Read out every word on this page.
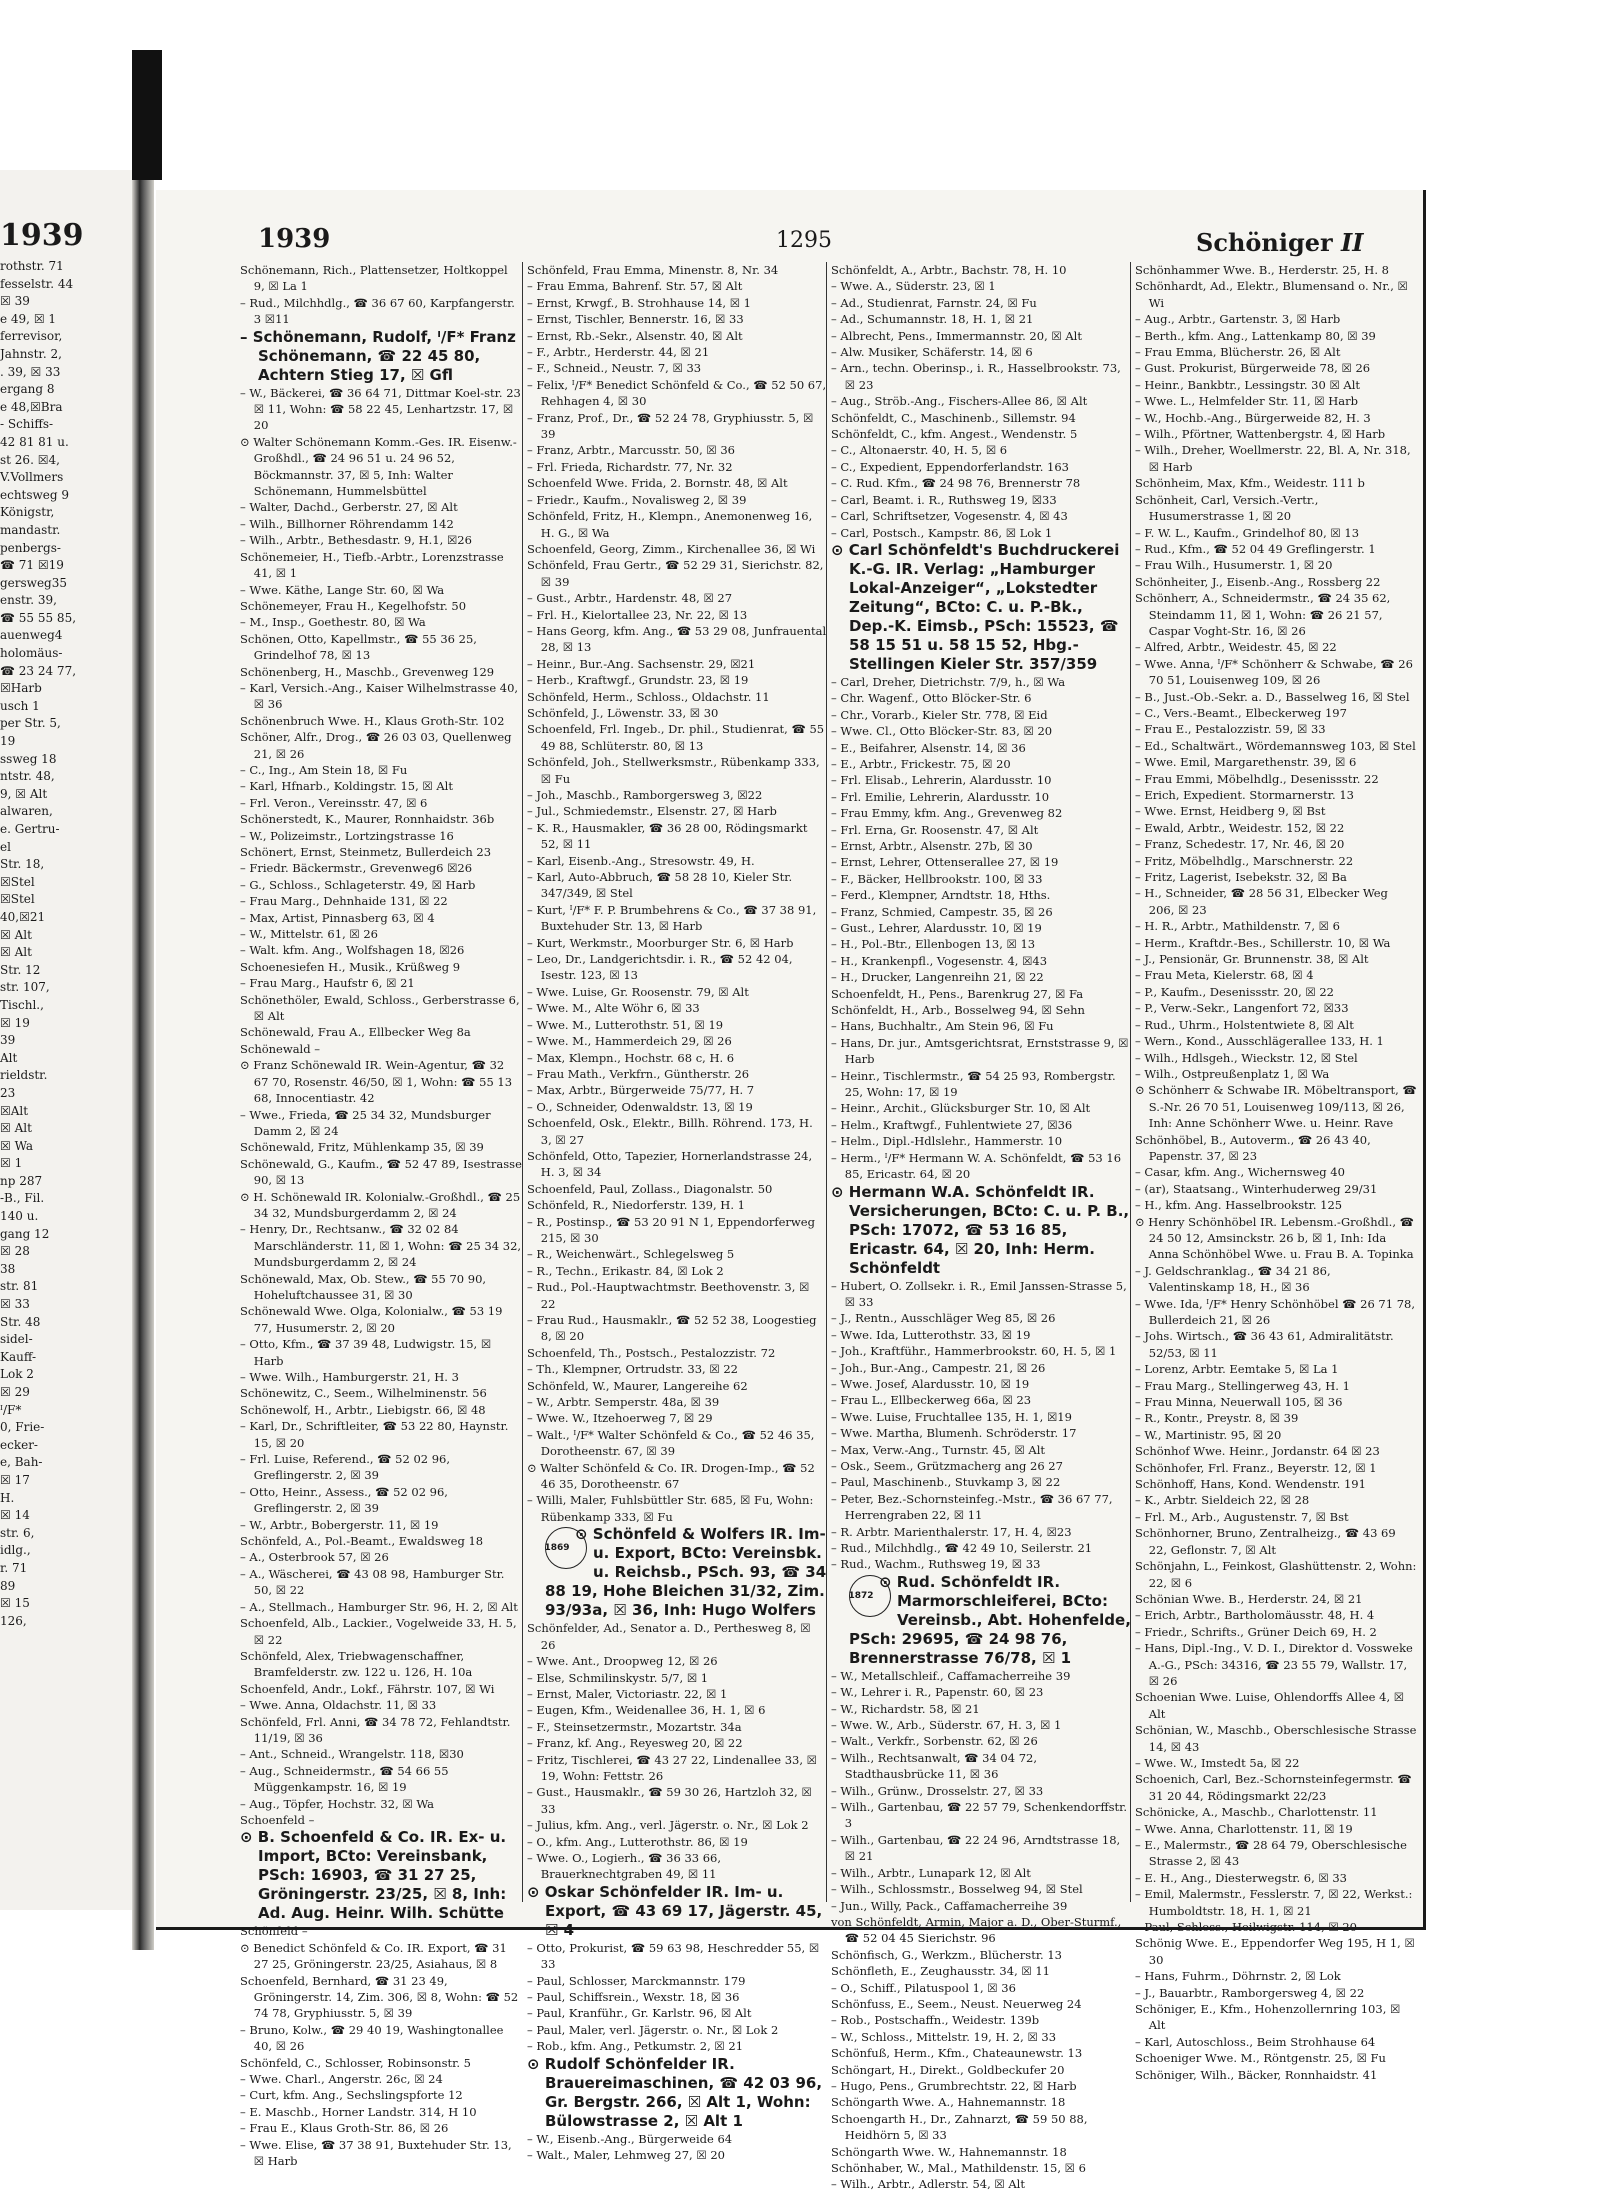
1939
rothstr. 71
fesselstr. 44
☒ 39
e 49, ☒ 1
ferrevisor,
Jahnstr. 2,
. 39, ☒ 33
ergang 8
e 48,☒Bra
- Schiffs-
42 81 81 u.
st 26. ☒4,
V.Vollmers
echtsweg 9
Königstr,
mandastr.
penbergs-
☎ 71 ☒19
gersweg35
enstr. 39,
☎ 55 55 85,
auenweg4
holomäus-
☎ 23 24 77,
☒Harb
usch 1
per Str. 5,
19
ssweg 18
ntstr. 48,
9, ☒ Alt
alwaren,
e. Gertru-
el
Str. 18,
☒Stel
☒Stel
40,☒21
☒ Alt
☒ Alt
Str. 12
str. 107,
Tischl.,
☒ 19
39
Alt
rieldstr.
23
☒Alt
☒ Alt
☒ Wa
☒ 1
np 287
-B., Fil.
140 u.
gang 12
☒ 28
38
str. 81
☒ 33
Str. 48
sidel-
Kauff-
Lok 2
☒ 29
ᴵ/F*
0, Frie-
ecker-
e, Bah-
☒ 17
H.
☒ 14
str. 6,
idlg.,
r. 71
89
☒ 15
126,
1939	1295	Schöniger II
Schönemann, Rich., Plattensetzer, Holtkoppel 9, ☒ La 1
– Rud., Milchhdlg., ☎ 36 67 60, Karpfangerstr. 3 ☒11
– Schönemann, Rudolf, ᴵ/F* Franz Schönemann, ☎ 22 45 80, Achtern Stieg 17, ☒ Gfl
– W., Bäckerei, ☎ 36 64 71, Dittmar Koel-str. 23 ☒ 11, Wohn: ☎ 58 22 45, Lenhartzstr. 17, ☒ 20
⊙ Walter Schönemann Komm.-Ges. IR. Eisenw.-Großhdl., ☎ 24 96 51 u. 24 96 52, Böckmannstr. 37, ☒ 5, Inh: Walter Schönemann, Hummelsbüttel
– Walter, Dachd., Gerberstr. 27, ☒ Alt
– Wilh., Billhorner Röhrendamm 142
– Wilh., Arbtr., Bethesdastr. 9, H.1, ☒26
Schönemeier, H., Tiefb.-Arbtr., Lorenzstrasse 41, ☒ 1
– Wwe. Käthe, Lange Str. 60, ☒ Wa
Schönemeyer, Frau H., Kegelhofstr. 50
– M., Insp., Goethestr. 80, ☒ Wa
Schönen, Otto, Kapellmstr., ☎ 55 36 25, Grindelhof 78, ☒ 13
Schönenberg, H., Maschb., Grevenweg 129
– Karl, Versich.-Ang., Kaiser Wilhelmstrasse 40, ☒ 36
Schönenbruch Wwe. H., Klaus Groth-Str. 102
Schöner, Alfr., Drog., ☎ 26 03 03, Quellenweg 21, ☒ 26
– C., Ing., Am Stein 18, ☒ Fu
– Karl, Hfnarb., Koldingstr. 15, ☒ Alt
– Frl. Veron., Vereinsstr. 47, ☒ 6
Schönerstedt, K., Maurer, Ronnhaidstr. 36b
– W., Polizeimstr., Lortzingstrasse 16
Schönert, Ernst, Steinmetz, Bullerdeich 23
– Friedr. Bäckermstr., Grevenweg6 ☒26
– G., Schloss., Schlageterstr. 49, ☒ Harb
– Frau Marg., Dehnhaide 131, ☒ 22
– Max, Artist, Pinnasberg 63, ☒ 4
– W., Mittelstr. 61, ☒ 26
– Walt. kfm. Ang., Wolfshagen 18, ☒26
Schoenesiefen H., Musik., Krüßweg 9
– Frau Marg., Haufstr 6, ☒ 21
Schönethöler, Ewald, Schloss., Gerberstrasse 6, ☒ Alt
Schönewald, Frau A., Ellbecker Weg 8a
Schönewald –
⊙ Franz Schönewald IR. Wein-Agentur, ☎ 32 67 70, Rosenstr. 46/50, ☒ 1, Wohn: ☎ 55 13 68, Innocentiastr. 42
– Wwe., Frieda, ☎ 25 34 32, Mundsburger Damm 2, ☒ 24
Schönewald, Fritz, Mühlenkamp 35, ☒ 39
Schönewald, G., Kaufm., ☎ 52 47 89, Isestrasse 90, ☒ 13
⊙ H. Schönewald IR. Kolonialw.-Großhdl., ☎ 25 34 32, Mundsburgerdamm 2, ☒ 24
– Henry, Dr., Rechtsanw., ☎ 32 02 84 Marschländerstr. 11, ☒ 1, Wohn: ☎ 25 34 32, Mundsburgerdamm 2, ☒ 24
Schönewald, Max, Ob. Stew., ☎ 55 70 90, Hoheluftchaussee 31, ☒ 30
Schönewald Wwe. Olga, Kolonialw., ☎ 53 19 77, Husumerstr. 2, ☒ 20
– Otto, Kfm., ☎ 37 39 48, Ludwigstr. 15, ☒ Harb
– Wwe. Wilh., Hamburgerstr. 21, H. 3
Schönewitz, C., Seem., Wilhelminenstr. 56
Schönewolf, H., Arbtr., Liebigstr. 66, ☒ 48
– Karl, Dr., Schriftleiter, ☎ 53 22 80, Haynstr. 15, ☒ 20
– Frl. Luise, Referend., ☎ 52 02 96, Greflingerstr. 2, ☒ 39
– Otto, Heinr., Assess., ☎ 52 02 96, Greflingerstr. 2, ☒ 39
– W., Arbtr., Bobergerstr. 11, ☒ 19
Schönfeld, A., Pol.-Beamt., Ewaldsweg 18
– A., Osterbrook 57, ☒ 26
– A., Wäscherei, ☎ 43 08 98, Hamburger Str. 50, ☒ 22
– A., Stellmach., Hamburger Str. 96, H. 2, ☒ Alt
Schoenfeld, Alb., Lackier., Vogelweide 33, H. 5, ☒ 22
Schönfeld, Alex, Triebwagenschaffner, Bramfelderstr. zw. 122 u. 126, H. 10a
Schoenfeld, Andr., Lokf., Fährstr. 107, ☒ Wi
– Wwe. Anna, Oldachstr. 11, ☒ 33
Schönfeld, Frl. Anni, ☎ 34 78 72, Fehlandtstr. 11/19, ☒ 36
– Ant., Schneid., Wrangelstr. 118, ☒30
– Aug., Schneidermstr., ☎ 54 66 55 Müggenkampstr. 16, ☒ 19
– Aug., Töpfer, Hochstr. 32, ☒ Wa
Schoenfeld –
⊙ B. Schoenfeld & Co. IR. Ex- u. Import, BCto: Vereinsbank, PSch: 16903, ☎ 31 27 25, Gröningerstr. 23/25, ☒ 8, Inh: Ad. Aug. Heinr. Wilh. Schütte
Schönfeld –
⊙ Benedict Schönfeld & Co. IR. Export, ☎ 31 27 25, Gröningerstr. 23/25, Asiahaus, ☒ 8
Schoenfeld, Bernhard, ☎ 31 23 49, Gröningerstr. 14, Zim. 306, ☒ 8, Wohn: ☎ 52 74 78, Gryphiusstr. 5, ☒ 39
– Bruno, Kolw., ☎ 29 40 19, Washingtonallee 40, ☒ 26
Schönfeld, C., Schlosser, Robinsonstr. 5
– Wwe. Charl., Angerstr. 26c, ☒ 24
– Curt, kfm. Ang., Sechslingspforte 12
– E. Maschb., Horner Landstr. 314, H 10
– Frau E., Klaus Groth-Str. 86, ☒ 26
– Wwe. Elise, ☎ 37 38 91, Buxtehuder Str. 13, ☒ Harb
Schönfeld, Frau Emma, Minenstr. 8, Nr. 34
– Frau Emma, Bahrenf. Str. 57, ☒ Alt
– Ernst, Krwgf., B. Strohhause 14, ☒ 1
– Ernst, Tischler, Bennerstr. 16, ☒ 33
– Ernst, Rb.-Sekr., Alsenstr. 40, ☒ Alt
– F., Arbtr., Herderstr. 44, ☒ 21
– F., Schneid., Neustr. 7, ☒ 33
– Felix, ᴵ/F* Benedict Schönfeld & Co., ☎ 52 50 67, Rehhagen 4, ☒ 30
– Franz, Prof., Dr., ☎ 52 24 78, Gryphiusstr. 5, ☒ 39
– Franz, Arbtr., Marcusstr. 50, ☒ 36
– Frl. Frieda, Richardstr. 77, Nr. 32
Schoenfeld Wwe. Frida, 2. Bornstr. 48, ☒ Alt
– Friedr., Kaufm., Novalisweg 2, ☒ 39
Schönfeld, Fritz, H., Klempn., Anemonenweg 16, H. G., ☒ Wa
Schoenfeld, Georg, Zimm., Kirchenallee 36, ☒ Wi
Schönfeld, Frau Gertr., ☎ 52 29 31, Sierichstr. 82, ☒ 39
– Gust., Arbtr., Hardenstr. 48, ☒ 27
– Frl. H., Kielortallee 23, Nr. 22, ☒ 13
– Hans Georg, kfm. Ang., ☎ 53 29 08, Junfrauental 28, ☒ 13
– Heinr., Bur.-Ang. Sachsenstr. 29, ☒21
– Herb., Kraftwgf., Grundstr. 23, ☒ 19
Schönfeld, Herm., Schloss., Oldachstr. 11
Schönfeld, J., Löwenstr. 33, ☒ 30
Schoenfeld, Frl. Ingeb., Dr. phil., Studienrat, ☎ 55 49 88, Schlüterstr. 80, ☒ 13
Schönfeld, Joh., Stellwerksmstr., Rübenkamp 333, ☒ Fu
– Joh., Maschb., Ramborgersweg 3, ☒22
– Jul., Schmiedemstr., Elsenstr. 27, ☒ Harb
– K. R., Hausmakler, ☎ 36 28 00, Rödingsmarkt 52, ☒ 11
– Karl, Eisenb.-Ang., Stresowstr. 49, H.
– Karl, Auto-Abbruch, ☎ 58 28 10, Kieler Str. 347/349, ☒ Stel
– Kurt, ᴵ/F* F. P. Brumbehrens & Co., ☎ 37 38 91, Buxtehuder Str. 13, ☒ Harb
– Kurt, Werkmstr., Moorburger Str. 6, ☒ Harb
– Leo, Dr., Landgerichtsdir. i. R., ☎ 52 42 04, Isestr. 123, ☒ 13
– Wwe. Luise, Gr. Roosenstr. 79, ☒ Alt
– Wwe. M., Alte Wöhr 6, ☒ 33
– Wwe. M., Lutterothstr. 51, ☒ 19
– Wwe. M., Hammerdeich 29, ☒ 26
– Max, Klempn., Hochstr. 68 c, H. 6
– Frau Math., Verkfrn., Güntherstr. 26
– Max, Arbtr., Bürgerweide 75/77, H. 7
– O., Schneider, Odenwaldstr. 13, ☒ 19
Schoenfeld, Osk., Elektr., Billh. Röhrend. 173, H. 3, ☒ 27
Schönfeld, Otto, Tapezier, Hornerlandstrasse 24, H. 3, ☒ 34
Schoenfeld, Paul, Zollass., Diagonalstr. 50
Schönfeld, R., Niedorferstr. 139, H. 1
– R., Postinsp., ☎ 53 20 91 N 1, Eppendorferweg 215, ☒ 30
– R., Weichenwärt., Schlegelsweg 5
– R., Techn., Erikastr. 84, ☒ Lok 2
– Rud., Pol.-Hauptwachtmstr. Beethovenstr. 3, ☒ 22
– Frau Rud., Hausmaklr., ☎ 52 52 38, Loogestieg 8, ☒ 20
Schoenfeld, Th., Postsch., Pestalozzistr. 72
– Th., Klempner, Ortrudstr. 33, ☒ 22
Schönfeld, W., Maurer, Langereihe 62
– W., Arbtr. Semperstr. 48a, ☒ 39
– Wwe. W., Itzehoerweg 7, ☒ 29
– Walt., ᴵ/F* Walter Schönfeld & Co., ☎ 52 46 35, Dorotheenstr. 67, ☒ 39
⊙ Walter Schönfeld & Co. IR. Drogen-Imp., ☎ 52 46 35, Dorotheenstr. 67
– Willi, Maler, Fuhlsbüttler Str. 685, ☒ Fu, Wohn: Rübenkamp 333, ☒ Fu
1869
⊙ Schönfeld & Wolfers IR. Im- u. Export, BCto: Vereinsbk. u. Reichsb., PSch. 93, ☎ 34 88 19, Hohe Bleichen 31/32, Zim. 93/93a, ☒ 36, Inh: Hugo Wolfers
Schönfelder, Ad., Senator a. D., Perthesweg 8, ☒ 26
– Wwe. Ant., Droopweg 12, ☒ 26
– Else, Schmilinskystr. 5/7, ☒ 1
– Ernst, Maler, Victoriastr. 22, ☒ 1
– Eugen, Kfm., Weidenallee 36, H. 1, ☒ 6
– F., Steinsetzermstr., Mozartstr. 34a
– Franz, kf. Ang., Reyesweg 20, ☒ 22
– Fritz, Tischlerei, ☎ 43 27 22, Lindenallee 33, ☒ 19, Wohn: Fettstr. 26
– Gust., Hausmaklr., ☎ 59 30 26, Hartzloh 32, ☒ 33
– Julius, kfm. Ang., verl. Jägerstr. o. Nr., ☒ Lok 2
– O., kfm. Ang., Lutterothstr. 86, ☒ 19
– Wwe. O., Logierh., ☎ 36 33 66, Brauerknechtgraben 49, ☒ 11
⊙ Oskar Schönfelder IR. Im- u. Export, ☎ 43 69 17, Jägerstr. 45, ☒ 4
– Otto, Prokurist, ☎ 59 63 98, Heschredder 55, ☒ 33
– Paul, Schlosser, Marckmannstr. 179
– Paul, Schiffsrein., Wexstr. 18, ☒ 36
– Paul, Kranführ., Gr. Karlstr. 96, ☒ Alt
– Paul, Maler, verl. Jägerstr. o. Nr., ☒ Lok 2
– Rob., kfm. Ang., Petkumstr. 2, ☒ 21
⊙ Rudolf Schönfelder IR. Brauereimaschinen, ☎ 42 03 96, Gr. Bergstr. 266, ☒ Alt 1, Wohn: Bülowstrasse 2, ☒ Alt 1
– W., Eisenb.-Ang., Bürgerweide 64
– Walt., Maler, Lehmweg 27, ☒ 20
Schönfeldt, A., Arbtr., Bachstr. 78, H. 10
– Wwe. A., Süderstr. 23, ☒ 1
– Ad., Studienrat, Farnstr. 24, ☒ Fu
– Ad., Schumannstr. 18, H. 1, ☒ 21
– Albrecht, Pens., Immermannstr. 20, ☒ Alt
– Alw. Musiker, Schäferstr. 14, ☒ 6
– Arn., techn. Oberinsp., i. R., Hasselbrookstr. 73, ☒ 23
– Aug., Ströb.-Ang., Fischers-Allee 86, ☒ Alt
Schönfeldt, C., Maschinenb., Sillemstr. 94
Schönfeldt, C., kfm. Angest., Wendenstr. 5
– C., Altonaerstr. 40, H. 5, ☒ 6
– C., Expedient, Eppendorferlandstr. 163
– C. Rud. Kfm., ☎ 24 98 76, Brennerstr 78
– Carl, Beamt. i. R., Ruthsweg 19, ☒33
– Carl, Schriftsetzer, Vogesenstr. 4, ☒ 43
– Carl, Postsch., Kampstr. 86, ☒ Lok 1
⊙ Carl Schönfeldt's Buchdruckerei K.-G. IR. Verlag: „Hamburger Lokal-Anzeiger“, „Lokstedter Zeitung“, BCto: C. u. P.-Bk., Dep.-K. Eimsb., PSch: 15523, ☎ 58 15 51 u. 58 15 52, Hbg.-Stellingen Kieler Str. 357/359
– Carl, Dreher, Dietrichstr. 7/9, h., ☒ Wa
– Chr. Wagenf., Otto Blöcker-Str. 6
– Chr., Vorarb., Kieler Str. 778, ☒ Eid
– Wwe. Cl., Otto Blöcker-Str. 83, ☒ 20
– E., Beifahrer, Alsenstr. 14, ☒ 36
– E., Arbtr., Frickestr. 75, ☒ 20
– Frl. Elisab., Lehrerin, Alardusstr. 10
– Frl. Emilie, Lehrerin, Alardusstr. 10
– Frau Emmy, kfm. Ang., Grevenweg 82
– Frl. Erna, Gr. Roosenstr. 47, ☒ Alt
– Ernst, Arbtr., Alsenstr. 27b, ☒ 30
– Ernst, Lehrer, Ottenserallee 27, ☒ 19
– F., Bäcker, Hellbrookstr. 100, ☒ 33
– Ferd., Klempner, Arndtstr. 18, Hths.
– Franz, Schmied, Campestr. 35, ☒ 26
– Gust., Lehrer, Alardusstr. 10, ☒ 19
– H., Pol.-Btr., Ellenbogen 13, ☒ 13
– H., Krankenpfl., Vogesenstr. 4, ☒43
– H., Drucker, Langenreihn 21, ☒ 22
Schoenfeldt, H., Pens., Barenkrug 27, ☒ Fa
Schönfeldt, H., Arb., Bosselweg 94, ☒ Sehn
– Hans, Buchhaltr., Am Stein 96, ☒ Fu
– Hans, Dr. jur., Amtsgerichtsrat, Ernststrasse 9, ☒ Harb
– Heinr., Tischlermstr., ☎ 54 25 93, Rombergstr. 25, Wohn: 17, ☒ 19
– Heinr., Archit., Glücksburger Str. 10, ☒ Alt
– Helm., Kraftwgf., Fuhlentwiete 27, ☒36
– Helm., Dipl.-Hdlslehr., Hammerstr. 10
– Herm., ᴵ/F* Hermann W. A. Schönfeldt, ☎ 53 16 85, Ericastr. 64, ☒ 20
⊙ Hermann W.A. Schönfeldt IR. Versicherungen, BCto: C. u. P. B., PSch: 17072, ☎ 53 16 85, Ericastr. 64, ☒ 20, Inh: Herm. Schönfeldt
– Hubert, O. Zollsekr. i. R., Emil Janssen-Strasse 5, ☒ 33
– J., Rentn., Ausschläger Weg 85, ☒ 26
– Wwe. Ida, Lutterothstr. 33, ☒ 19
– Joh., Kraftführ., Hammerbrookstr. 60, H. 5, ☒ 1
– Joh., Bur.-Ang., Campestr. 21, ☒ 26
– Wwe. Josef, Alardusstr. 10, ☒ 19
– Frau L., Ellbeckerweg 66a, ☒ 23
– Wwe. Luise, Fruchtallee 135, H. 1, ☒19
– Wwe. Martha, Blumenh. Schröderstr. 17
– Max, Verw.-Ang., Turnstr. 45, ☒ Alt
– Osk., Seem., Grützmacherg ang 26 27
– Paul, Maschinenb., Stuvkamp 3, ☒ 22
– Peter, Bez.-Schornsteinfeg.-Mstr., ☎ 36 67 77, Herrengraben 22, ☒ 11
– R. Arbtr. Marienthalerstr. 17, H. 4, ☒23
– Rud., Milchhdlg., ☎ 42 49 10, Seilerstr. 21
– Rud., Wachm., Ruthsweg 19, ☒ 33
1872
⊙ Rud. Schönfeldt IR. Marmorschleiferei, BCto: Vereinsb., Abt. Hohenfelde, PSch: 29695, ☎ 24 98 76, Brennerstrasse 76/78, ☒ 1
– W., Metallschleif., Caffamacherreihe 39
– W., Lehrer i. R., Papenstr. 60, ☒ 23
– W., Richardstr. 58, ☒ 21
– Wwe. W., Arb., Süderstr. 67, H. 3, ☒ 1
– Walt., Verkfr., Sorbenstr. 62, ☒ 26
– Wilh., Rechtsanwalt, ☎ 34 04 72, Stadthausbrücke 11, ☒ 36
– Wilh., Grünw., Drosselstr. 27, ☒ 33
– Wilh., Gartenbau, ☎ 22 57 79, Schenkendorffstr. 3
– Wilh., Gartenbau, ☎ 22 24 96, Arndtstrasse 18, ☒ 21
– Wilh., Arbtr., Lunapark 12, ☒ Alt
– Wilh., Schlossmstr., Bosselweg 94, ☒ Stel
– Jun., Willy, Pack., Caffamacherreihe 39
von Schönfeldt, Armin, Major a. D., Ober-Sturmf., ☎ 52 04 45 Sierichstr. 96
Schönfisch, G., Werkzm., Blücherstr. 13
Schönfleth, E., Zeughausstr. 34, ☒ 11
– O., Schiff., Pilatuspool 1, ☒ 36
Schönfuss, E., Seem., Neust. Neuerweg 24
– Rob., Postschaffn., Weidestr. 139b
– W., Schloss., Mittelstr. 19, H. 2, ☒ 33
Schönfuß, Herm., Kfm., Chateaunewstr. 13
Schöngart, H., Direkt., Goldbeckufer 20
– Hugo, Pens., Grumbrechtstr. 22, ☒ Harb
Schöngarth Wwe. A., Hahnemannstr. 18
Schoengarth H., Dr., Zahnarzt, ☎ 59 50 88, Heidhörn 5, ☒ 33
Schöngarth Wwe. W., Hahnemannstr. 18
Schönhaber, W., Mal., Mathildenstr. 15, ☒ 6
– Wilh., Arbtr., Adlerstr. 54, ☒ Alt
Schönhammer Wwe. B., Herderstr. 25, H. 8
Schönhardt, Ad., Elektr., Blumensand o. Nr., ☒ Wi
– Aug., Arbtr., Gartenstr. 3, ☒ Harb
– Berth., kfm. Ang., Lattenkamp 80, ☒ 39
– Frau Emma, Blücherstr. 26, ☒ Alt
– Gust. Prokurist, Bürgerweide 78, ☒ 26
– Heinr., Bankbtr., Lessingstr. 30 ☒ Alt
– Wwe. L., Helmfelder Str. 11, ☒ Harb
– W., Hochb.-Ang., Bürgerweide 82, H. 3
– Wilh., Pförtner, Wattenbergstr. 4, ☒ Harb
– Wilh., Dreher, Woellmerstr. 22, Bl. A, Nr. 318, ☒ Harb
Schönheim, Max, Kfm., Weidestr. 111 b
Schönheit, Carl, Versich.-Vertr., Husumerstrasse 1, ☒ 20
– F. W. L., Kaufm., Grindelhof 80, ☒ 13
– Rud., Kfm., ☎ 52 04 49 Greflingerstr. 1
– Frau Wilh., Husumerstr. 1, ☒ 20
Schönheiter, J., Eisenb.-Ang., Rossberg 22
Schönherr, A., Schneidermstr., ☎ 24 35 62, Steindamm 11, ☒ 1, Wohn: ☎ 26 21 57, Caspar Voght-Str. 16, ☒ 26
– Alfred, Arbtr., Weidestr. 45, ☒ 22
– Wwe. Anna, ᴵ/F* Schönherr & Schwabe, ☎ 26 70 51, Louisenweg 109, ☒ 26
– B., Just.-Ob.-Sekr. a. D., Basselweg 16, ☒ Stel
– C., Vers.-Beamt., Elbeckerweg 197
– Frau E., Pestalozzistr. 59, ☒ 33
– Ed., Schaltwärt., Wördemannsweg 103, ☒ Stel
– Wwe. Emil, Margarethenstr. 39, ☒ 6
– Frau Emmi, Möbelhdlg., Desenissstr. 22
– Erich, Expedient. Stormarnerstr. 13
– Wwe. Ernst, Heidberg 9, ☒ Bst
– Ewald, Arbtr., Weidestr. 152, ☒ 22
– Franz, Schedestr. 17, Nr. 46, ☒ 20
– Fritz, Möbelhdlg., Marschnerstr. 22
– Fritz, Lagerist, Isebekstr. 32, ☒ Ba
– H., Schneider, ☎ 28 56 31, Elbecker Weg 206, ☒ 23
– H. R., Arbtr., Mathildenstr. 7, ☒ 6
– Herm., Kraftdr.-Bes., Schillerstr. 10, ☒ Wa
– J., Pensionär, Gr. Brunnenstr. 38, ☒ Alt
– Frau Meta, Kielerstr. 68, ☒ 4
– P., Kaufm., Desenissstr. 20, ☒ 22
– P., Verw.-Sekr., Langenfort 72, ☒33
– Rud., Uhrm., Holstentwiete 8, ☒ Alt
– Wern., Kond., Ausschlägerallee 133, H. 1
– Wilh., Hdlsgeh., Wieckstr. 12, ☒ Stel
– Wilh., Ostpreußenplatz 1, ☒ Wa
⊙ Schönherr & Schwabe IR. Möbeltransport, ☎ S.-Nr. 26 70 51, Louisenweg 109/113, ☒ 26, Inh: Anne Schönherr Wwe. u. Heinr. Rave
Schönhöbel, B., Autoverm., ☎ 26 43 40, Papenstr. 37, ☒ 23
– Casar, kfm. Ang., Wichernsweg 40
– (ar), Staatsang., Winterhuderweg 29/31
– H., kfm. Ang. Hasselbrookstr. 125
⊙ Henry Schönhöbel IR. Lebensm.-Großhdl., ☎ 24 50 12, Amsinckstr. 26 b, ☒ 1, Inh: Ida Anna Schönhöbel Wwe. u. Frau B. A. Topinka
– J. Geldschranklag., ☎ 34 21 86, Valentinskamp 18, H., ☒ 36
– Wwe. Ida, ᴵ/F* Henry Schönhöbel ☎ 26 71 78, Bullerdeich 21, ☒ 26
– Johs. Wirtsch., ☎ 36 43 61, Admiralitätstr. 52/53, ☒ 11
– Lorenz, Arbtr. Eemtake 5, ☒ La 1
– Frau Marg., Stellingerweg 43, H. 1
– Frau Minna, Neuerwall 105, ☒ 36
– R., Kontr., Preystr. 8, ☒ 39
– W., Martinistr. 95, ☒ 20
Schönhof Wwe. Heinr., Jordanstr. 64 ☒ 23
Schönhofer, Frl. Franz., Beyerstr. 12, ☒ 1
Schönhoff, Hans, Kond. Wendenstr. 191
– K., Arbtr. Sieldeich 22, ☒ 28
– Frl. M., Arb., Augustenstr. 7, ☒ Bst
Schönhorner, Bruno, Zentralheizg., ☎ 43 69 22, Geflonstr. 7, ☒ Alt
Schönjahn, L., Feinkost, Glashüttenstr. 2, Wohn: 22, ☒ 6
Schönian Wwe. B., Herderstr. 24, ☒ 21
– Erich, Arbtr., Bartholomäusstr. 48, H. 4
– Friedr., Schrifts., Grüner Deich 69, H. 2
– Hans, Dipl.-Ing., V. D. I., Direktor d. Vossweke A.-G., PSch: 34316, ☎ 23 55 79, Wallstr. 17, ☒ 26
Schoenian Wwe. Luise, Ohlendorffs Allee 4, ☒ Alt
Schönian, W., Maschb., Oberschlesische Strasse 14, ☒ 43
– Wwe. W., Imstedt 5a, ☒ 22
Schoenich, Carl, Bez.-Schornsteinfegermstr. ☎ 31 20 44, Rödingsmarkt 22/23
Schönicke, A., Maschb., Charlottenstr. 11
– Wwe. Anna, Charlottenstr. 11, ☒ 19
– E., Malermstr., ☎ 28 64 79, Oberschlesische Strasse 2, ☒ 43
– E. H., Ang., Diesterwegstr. 6, ☒ 33
– Emil, Malermstr., Fesslerstr. 7, ☒ 22, Werkst.: Humboldtstr. 18, H. 1, ☒ 21
– Paul, Schloss., Heilwigstr. 114, ☒ 20
Schönig Wwe. E., Eppendorfer Weg 195, H 1, ☒ 30
– Hans, Fuhrm., Döhrnstr. 2, ☒ Lok
– J., Bauarbtr., Ramborgersweg 4, ☒ 22
Schöniger, E., Kfm., Hohenzollernring 103, ☒ Alt
– Karl, Autoschloss., Beim Strohhause 64
Schoeniger Wwe. M., Röntgenstr. 25, ☒ Fu
Schöniger, Wilh., Bäcker, Ronnhaidstr. 41
